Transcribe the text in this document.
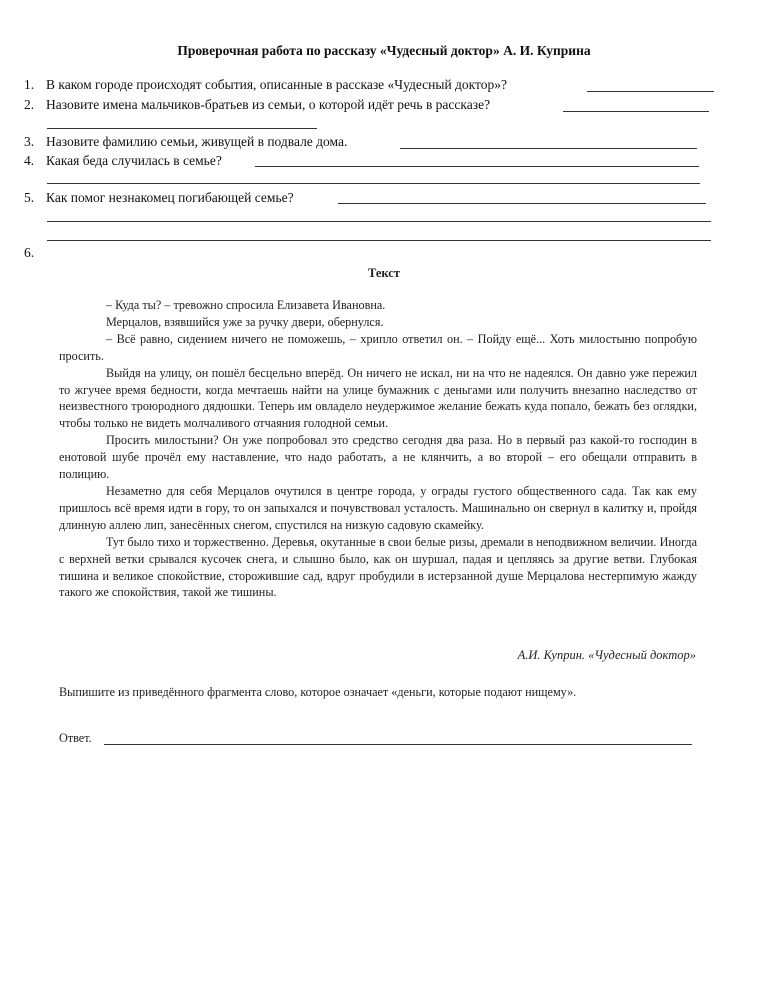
Проверочная работа по рассказу «Чудесный доктор» А. И. Куприна
1. В каком городе происходят события, описанные в рассказе «Чудесный доктор»?
2. Назовите имена мальчиков-братьев из семьи, о которой идёт речь в рассказе?
3. Назовите фамилию семьи, живущей в подвале дома.
4. Какая беда случилась в семье?
5. Как помог незнакомец погибающей семье?
6.
Текст

– Куда ты? – тревожно спросила Елизавета Ивановна.

Мерцалов, взявшийся уже за ручку двери, обернулся.

– Всё равно, сидением ничего не поможешь, – хрипло ответил он. – Пойду ещё... Хоть милостыню попробую просить.

Выйдя на улицу, он пошёл бесцельно вперёд. Он ничего не искал, ни на что не надеялся. Он давно уже пережил то жгучее время бедности, когда мечтаешь найти на улице бумажник с деньгами или получить внезапно наследство от неизвестного троюродного дядюшки. Теперь им овладело неудержимое желание бежать куда попало, бежать без оглядки, чтобы только не видеть молчаливого отчаяния голодной семьи.

Просить милостыни? Он уже попробовал это средство сегодня два раза. Но в первый раз какой-то господин в енотовой шубе прочёл ему наставление, что надо работать, а не клянчить, а во второй – его обещали отправить в полицию.

Незаметно для себя Мерцалов очутился в центре города, у ограды густого общественного сада. Так как ему пришлось всё время идти в гору, то он запыхался и почувствовал усталость. Машинально он свернул в калитку и, пройдя длинную аллею лип, занесённых снегом, спустился на низкую садовую скамейку.

Тут было тихо и торжественно. Деревья, окутанные в свои белые ризы, дремали в неподвижном величии. Иногда с верхней ветки срывался кусочек снега, и слышно было, как он шуршал, падая и цепляясь за другие ветви. Глубокая тишина и великое спокойствие, сторожившие сад, вдруг пробудили в истерзанной душе Мерцалова нестерпимую жажду такого же спокойствия, такой же тишины.

А.И. Куприн. «Чудесный доктор»
Выпишите из приведённого фрагмента слово, которое означает «деньги, которые подают нищему».
Ответ.
